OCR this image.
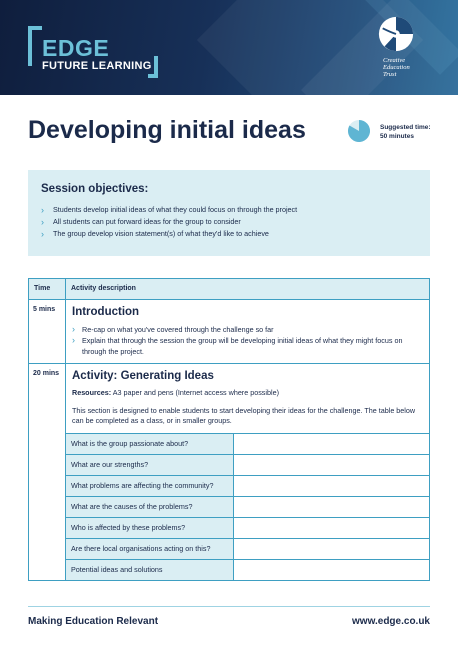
EDGE
FUTURE LEARNING	Creative
Education
Trust
Developing initial ideas	Suggested time:
50 minutes
Session objectives:
› Students develop initial ideas of what they could focus on through the project
› All students can put forward ideas for the group to consider
› The group develop vision statement(s) of what they'd like to achieve
Time	Activity description
5 mins	Introduction
› Re-cap on what you've covered through the challenge so far
› Explain that through the session the group will be developing initial ideas of what they might focus on through the project.
20 mins	Activity: Generating Ideas
Resources: A3 paper and pens (Internet access where possible)
This section is designed to enable students to start developing their ideas for the challenge. The table below can be completed as a class, or in smaller groups.
What is the group passionate about?	
What are our strengths?	
What problems are affecting the community?	
What are the causes of the problems?	
Who is affected by these problems?	
Are there local organisations acting on this?	
Potential ideas and solutions	
Making Education Relevant	www.edge.co.uk
